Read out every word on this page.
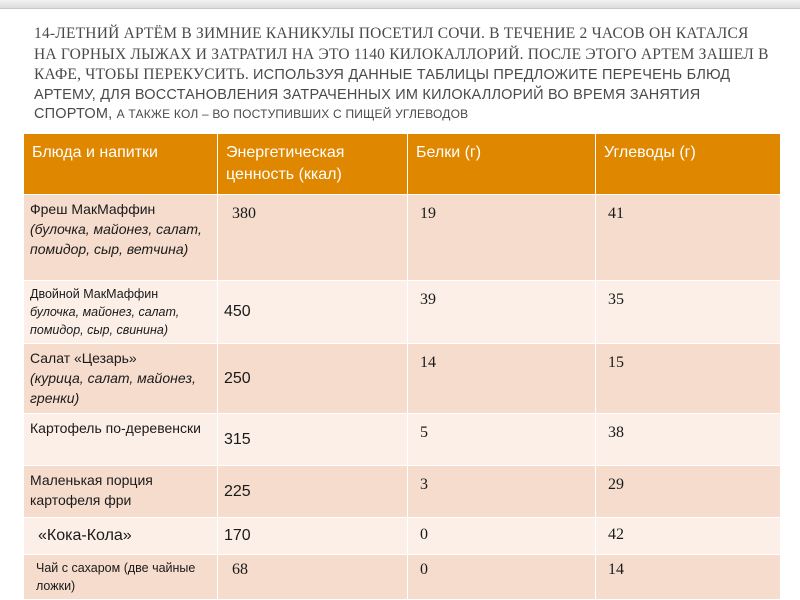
14-ЛЕТНИЙ АРТЁМ В ЗИМНИЕ КАНИКУЛЫ ПОСЕТИЛ СОЧИ. В ТЕЧЕНИЕ 2 ЧАСОВ ОН КАТАЛСЯ НА ГОРНЫХ ЛЫЖАХ И ЗАТРАТИЛ НА ЭТО 1140 КИЛОКАЛЛОРИЙ. ПОСЛЕ ЭТОГО АРТЕМ ЗАШЕЛ В КАФЕ, ЧТОБЫ ПЕРЕКУСИТЬ. ИСПОЛЬЗУЯ ДАННЫЕ ТАБЛИЦЫ ПРЕДЛОЖИТЕ ПЕРЕЧЕНЬ БЛЮД АРТЕМУ, ДЛЯ ВОССТАНОВЛЕНИЯ ЗАТРАЧЕННЫХ ИМ КИЛОКАЛЛОРИЙ ВО ВРЕМЯ ЗАНЯТИЯ СПОРТОМ, А ТАКЖЕ КОЛ – ВО ПОСТУПИВШИХ С ПИЩЕЙ УГЛЕВОДОВ
Блюда и напитки	Энергетическая ценность (ккал)	Белки (г)	Углеводы (г)
Фреш МакМаффин
(булочка, майонез, салат, помидор, сыр, ветчина)	380	19	41
Двойной МакМаффин
булочка, майонез, салат, помидор, сыр, свинина)	450	39	35
Салат «Цезарь»
(курица, салат, майонез, гренки)	250	14	15
Картофель по-деревенски	315	5	38
Маленькая порция картофеля фри	225	3	29
«Кока-Кола»	170	0	42
Чай с сахаром (две чайные ложки)	68	0	14
